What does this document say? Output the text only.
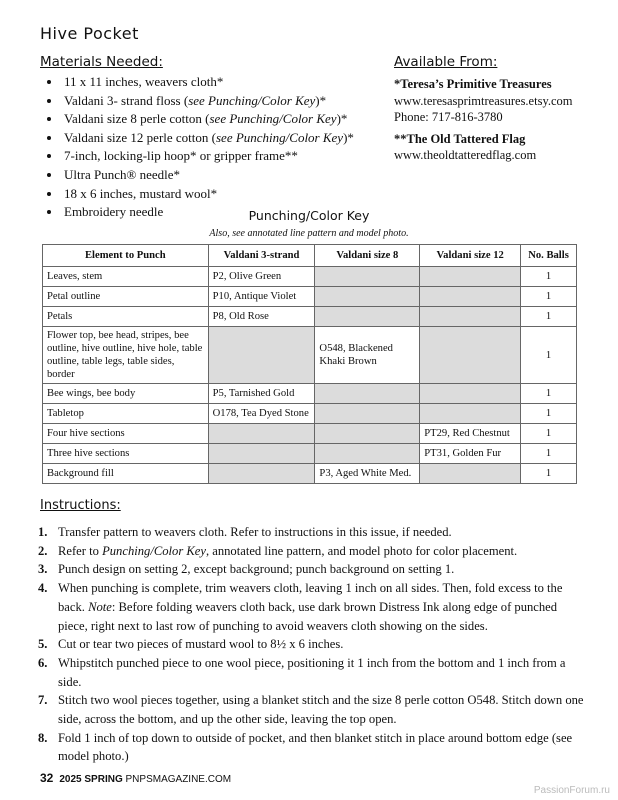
Hive Pocket
Materials Needed:
• 11 x 11 inches, weavers cloth*
• Valdani 3- strand floss (see Punching/Color Key)*
• Valdani size 8 perle cotton (see Punching/Color Key)*
• Valdani size 12 perle cotton (see Punching/Color Key)*
• 7-inch, locking-lip hoop* or gripper frame**
• Ultra Punch® needle*
• 18 x 6 inches, mustard wool*
• Embroidery needle
Available From:
*Teresa’s Primitive Treasures
www.teresasprimtreasures.etsy.com
Phone: 717-816-3780
**The Old Tattered Flag
www.theoldtatteredflag.com
Punching/Color Key
Also, see annotated line pattern and model photo.
Element to Punch	Valdani 3-strand	Valdani size 8	Valdani size 12	No. Balls
Leaves, stem	P2, Olive Green			1
Petal outline	P10, Antique Violet			1
Petals	P8, Old Rose			1
Flower top, bee head, stripes, bee outline, hive outline, hive hole, table outline, table legs, table sides, border		O548, Blackened Khaki Brown		1
Bee wings, bee body	P5, Tarnished Gold			1
Tabletop	O178, Tea Dyed Stone			1
Four hive sections			PT29, Red Chestnut	1
Three hive sections			PT31, Golden Fur	1
Background fill		P3, Aged White Med.		1
Instructions:
1. Transfer pattern to weavers cloth. Refer to instructions in this issue, if needed.
2. Refer to Punching/Color Key, annotated line pattern, and model photo for color placement.
3. Punch design on setting 2, except background; punch background on setting 1.
4. When punching is complete, trim weavers cloth, leaving 1 inch on all sides. Then, fold excess to the back. Note: Before folding weavers cloth back, use dark brown Distress Ink along edge of punched piece, right next to last row of punching to avoid weavers cloth showing on the sides.
5. Cut or tear two pieces of mustard wool to 8½ x 6 inches.
6. Whipstitch punched piece to one wool piece, positioning it 1 inch from the bottom and 1 inch from a side.
7. Stitch two wool pieces together, using a blanket stitch and the size 8 perle cotton O548. Stitch down one side, across the bottom, and up the other side, leaving the top open.
8. Fold 1 inch of top down to outside of pocket, and then blanket stitch in place around bottom edge (see model photo.)
32 2025 SPRING PNPSMAGAZINE.COM
PassionForum.ru
